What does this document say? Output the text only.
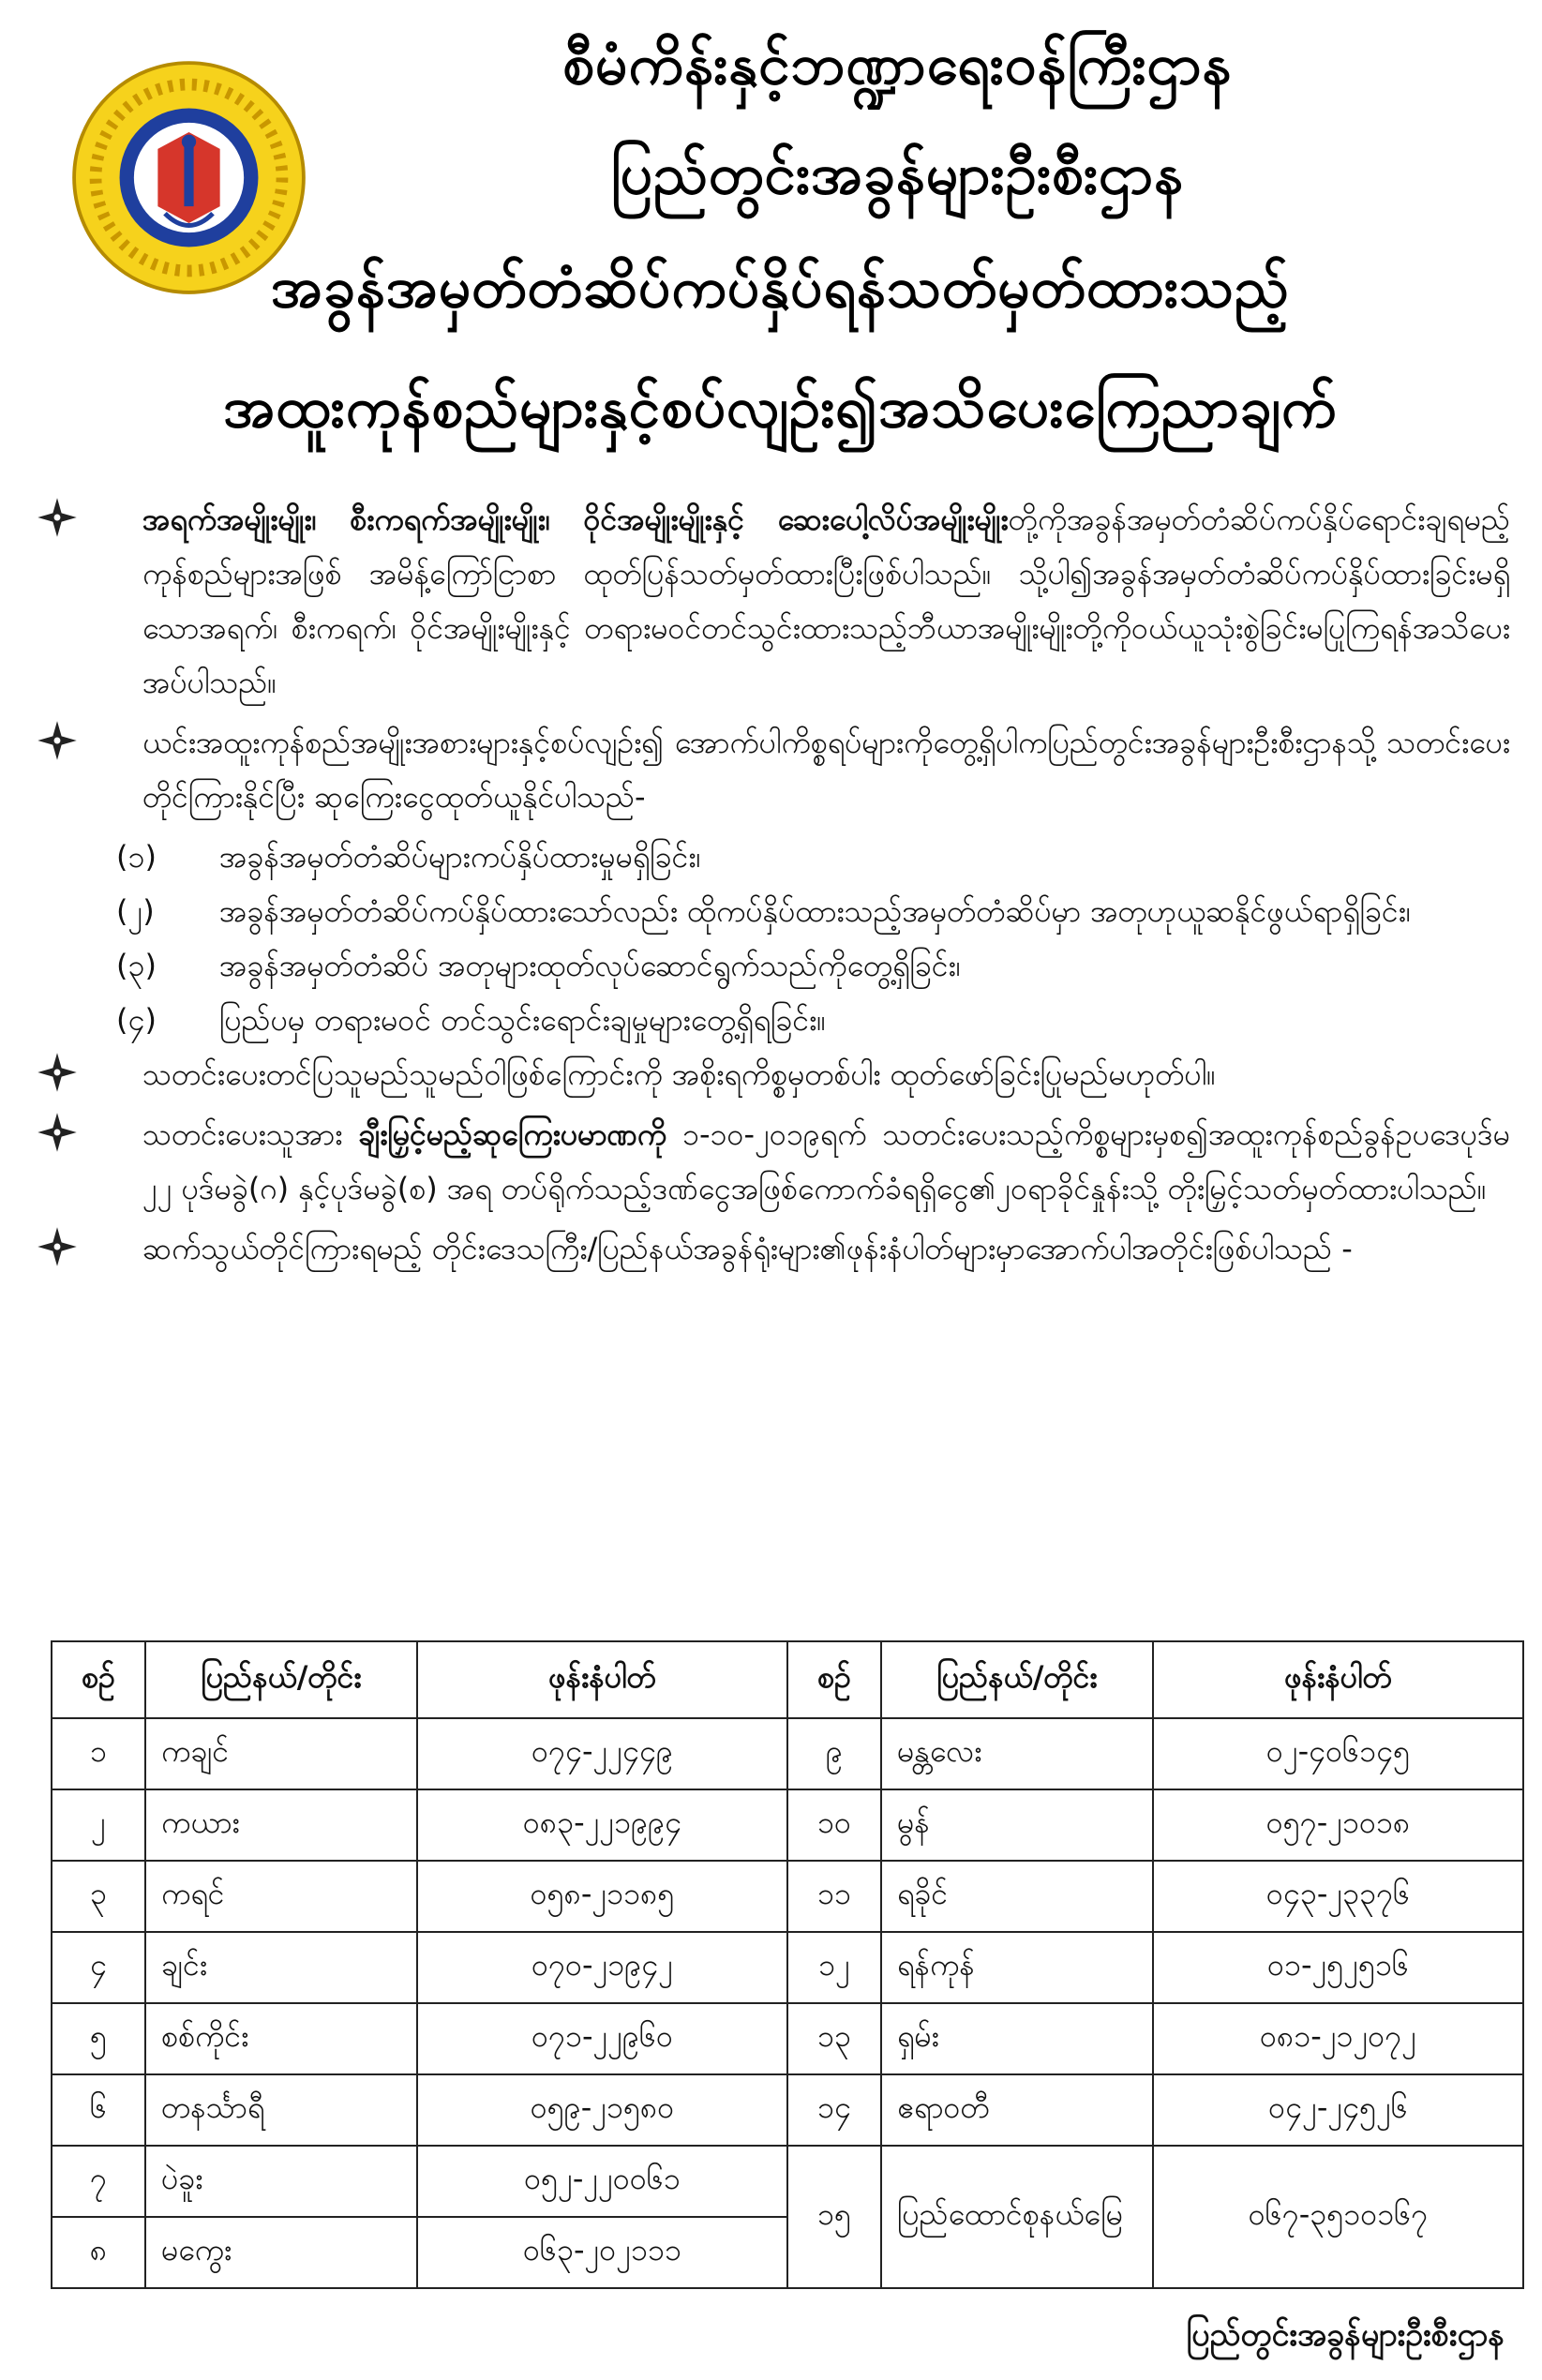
စီမံကိန်းနှင့်ဘဏ္ဍာရေးဝန်ကြီးဌာန

ပြည်တွင်းအခွန်များဦးစီးဌာန

အခွန်အမှတ်တံဆိပ်ကပ်နှိပ်ရန်သတ်မှတ်ထားသည့်

အထူးကုန်စည်များနှင့်စပ်လျဉ်း၍အသိပေးကြေညာချက်

အရက်အမျိုးမျိုး၊ စီးကရက်အမျိုးမျိုး၊ ဝိုင်အမျိုးမျိုးနှင့် ဆေးပေါ့လိပ်အမျိုးမျိုးတို့ကိုအခွန်အမှတ်တံဆိပ်ကပ်နှိပ်ရောင်းချရမည့်ကုန်စည်များအဖြစ် အမိန့်ကြော်ငြာစာ ထုတ်ပြန်သတ်မှတ်ထားပြီးဖြစ်ပါသည်။ သို့ပါ၍အခွန်အမှတ်တံဆိပ်ကပ်နှိပ်ထားခြင်းမရှိသောအရက်၊ စီးကရက်၊ ဝိုင်အမျိုးမျိုးနှင့် တရားမဝင်တင်သွင်းထားသည့်ဘီယာအမျိုးမျိုးတို့ကိုဝယ်ယူသုံးစွဲခြင်းမပြုကြရန်အသိပေးအပ်ပါသည်။
ယင်းအထူးကုန်စည်အမျိုးအစားများနှင့်စပ်လျဉ်း၍ အောက်ပါကိစ္စရပ်များကိုတွေ့ရှိပါကပြည်တွင်းအခွန်များဦးစီးဌာနသို့ သတင်းပေးတိုင်ကြားနိုင်ပြီး ဆုကြေးငွေထုတ်ယူနိုင်ပါသည်-
(၁) အခွန်အမှတ်တံဆိပ်များကပ်နှိပ်ထားမှုမရှိခြင်း၊
(၂) အခွန်အမှတ်တံဆိပ်ကပ်နှိပ်ထားသော်လည်း ထိုကပ်နှိပ်ထားသည့်အမှတ်တံဆိပ်မှာ အတုဟုယူဆနိုင်ဖွယ်ရာရှိခြင်း၊
(၃) အခွန်အမှတ်တံဆိပ် အတုများထုတ်လုပ်ဆောင်ရွက်သည်ကိုတွေ့ရှိခြင်း၊
(၄) ပြည်ပမှ တရားမဝင် တင်သွင်းရောင်းချမှုများတွေ့ရှိရခြင်း။
သတင်းပေးတင်ပြသူမည်သူမည်ဝါဖြစ်ကြောင်းကို အစိုးရကိစ္စမှတစ်ပါး ထုတ်ဖော်ခြင်းပြုမည်မဟုတ်ပါ။
သတင်းပေးသူအား ချီးမြှင့်မည့်ဆုကြေးပမာဏကို ၁-၁၀-၂၀၁၉ရက် သတင်းပေးသည့်ကိစ္စများမှစ၍အထူးကုန်စည်ခွန်ဥပဒေပုဒ်မ ၂၂ ပုဒ်မခွဲ(ဂ) နှင့်ပုဒ်မခွဲ(စ) အရ တပ်ရိုက်သည့်ဒဏ်ငွေအဖြစ်ကောက်ခံရရှိငွေ၏၂၀ရာခိုင်နှုန်းသို့ တိုးမြှင့်သတ်မှတ်ထားပါသည်။
ဆက်သွယ်တိုင်ကြားရမည့် တိုင်းဒေသကြီး/ပြည်နယ်အခွန်ရုံးများ၏ဖုန်းနံပါတ်များမှာအောက်ပါအတိုင်းဖြစ်ပါသည် -
စဉ်	ပြည်နယ်/တိုင်း	ဖုန်းနံပါတ်	စဉ်	ပြည်နယ်/တိုင်း	ဖုန်းနံပါတ်
၁	ကချင်	၀၇၄-၂၂၄၄၉	၉	မန္တလေး	၀၂-၄၀၆၁၄၅
၂	ကယား	၀၈၃-၂၂၁၉၉၄	၁၀	မွန်	၀၅၇-၂၁၀၁၈
၃	ကရင်	၀၅၈-၂၁၁၈၅	၁၁	ရခိုင်	၀၄၃-၂၃၃၇၆
၄	ချင်း	၀၇၀-၂၁၉၄၂	၁၂	ရန်ကုန်	၀၁-၂၅၂၅၁၆
၅	စစ်ကိုင်း	၀၇၁-၂၂၉၆၀	၁၃	ရှမ်း	၀၈၁-၂၁၂၀၇၂
၆	တနင်္သာရီ	၀၅၉-၂၁၅၈၀	၁၄	ဧရာဝတီ	၀၄၂-၂၄၅၂၆
၇	ပဲခူး	၀၅၂-၂၂၀၀၆၁	၁၅	ပြည်ထောင်စုနယ်မြေ	၀၆၇-၃၅၁၀၁၆၇
၈	မကွေး	၀၆၃-၂၀၂၁၁၁			
ပြည်တွင်းအခွန်များဦးစီးဌာန
